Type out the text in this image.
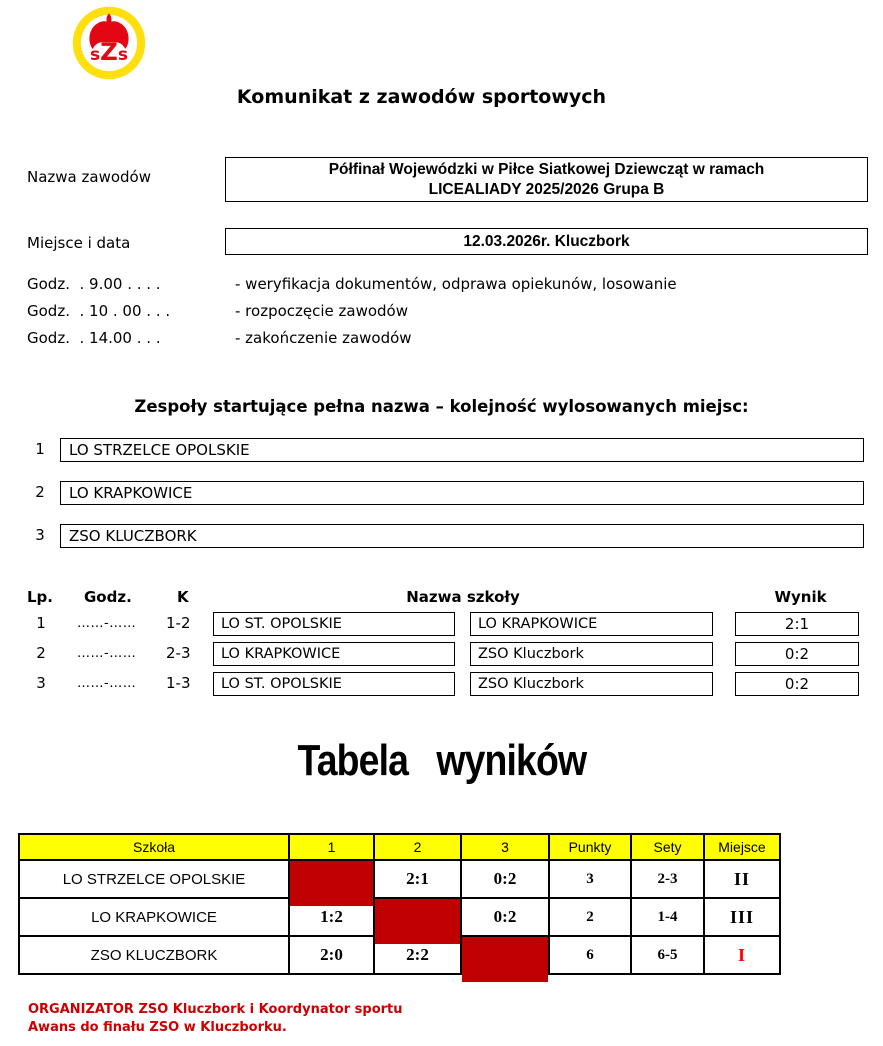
sZs
Komunikat z zawodów sportowych
Nazwa zawodów	Półfinał Wojewódzki w Piłce Siatkowej Dziewcząt w ramach
LICEALIADY 2025/2026 Grupa B
Miejsce i data	12.03.2026r. Kluczbork
Godz.  . 9.00 . . . .	- weryfikacja dokumentów, odprawa opiekunów, losowanie
Godz.  . 10 . 00 . . .	- rozpoczęcie zawodów
Godz.  . 14.00 . . .	- zakończenie zawodów
Zespoły startujące pełna nazwa – kolejność wylosowanych miejsc:
1	LO STRZELCE OPOLSKIE
2	LO KRAPKOWICE
3	ZSO KLUCZBORK
Lp. Godz.	K	Nazwa szkoły	Wynik
1 ……-…… 1-2	LO ST. OPOLSKIE	LO KRAPKOWICE	2:1
2 ……-…… 2-3	LO KRAPKOWICE	ZSO Kluczbork	0:2
3 ……-…… 1-3	LO ST. OPOLSKIE	ZSO Kluczbork	0:2
Tabela wyników
Szkoła	1	2	3	Punkty	Sety	Miejsce
LO STRZELCE OPOLSKIE		2:1	0:2	3	2-3	II
LO KRAPKOWICE	1:2		0:2	2	1-4	III
ZSO KLUCZBORK	2:0	2:2		6	6-5	I
ORGANIZATOR ZSO Kluczbork i Koordynator sportu
Awans do finału ZSO w Kluczborku.
